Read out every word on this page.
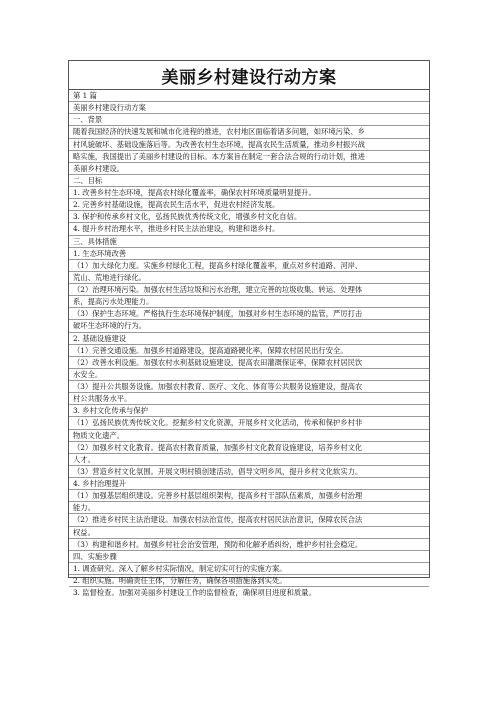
美丽乡村建设行动方案
第 1 篇
美丽乡村建设行动方案
一、背景
随着我国经济的快速发展和城市化进程的推进，农村地区面临着诸多问题，如环境污染、乡
村风貌破坏、基础设施落后等。为改善农村生态环境，提高农民生活质量，推动乡村振兴战
略实施，我国提出了美丽乡村建设的目标。本方案旨在制定一套合法合规的行动计划，推进
美丽乡村建设。
二、目标
1. 改善乡村生态环境，提高农村绿化覆盖率，确保农村环境质量明显提升。
2. 完善乡村基础设施，提高农民生活水平，促进农村经济发展。
3. 保护和传承乡村文化，弘扬民族优秀传统文化，增强乡村文化自信。
4. 提升乡村治理水平，推进乡村民主法治建设，构建和谐乡村。
三、具体措施
1. 生态环境改善
（1）加大绿化力度。实施乡村绿化工程，提高乡村绿化覆盖率，重点对乡村道路、河岸、
荒山、荒地进行绿化。
（2）治理环境污染。加强农村生活垃圾和污水治理，建立完善的垃圾收集、转运、处理体
系，提高污水处理能力。
（3）保护生态环境。严格执行生态环境保护制度，加强对乡村生态环境的监管，严厉打击
破坏生态环境的行为。
2. 基础设施建设
（1）完善交通设施。加强乡村道路建设，提高道路硬化率，保障农村居民出行安全。
（2）改善水利设施。加强农村水利基础设施建设，提高农田灌溉保证率，保障农村居民饮
水安全。
（3）提升公共服务设施。加强农村教育、医疗、文化、体育等公共服务设施建设，提高农
村公共服务水平。
3. 乡村文化传承与保护
（1）弘扬民族优秀传统文化。挖掘乡村文化资源，开展乡村文化活动，传承和保护乡村非
物质文化遗产。
（2）加强乡村文化教育。提高农村教育质量，加强乡村文化教育设施建设，培养乡村文化
人才。
（3）营造乡村文化氛围。开展文明村镇创建活动，倡导文明乡风，提升乡村文化软实力。
4. 乡村治理提升
（1）加强基层组织建设。完善乡村基层组织架构，提高乡村干部队伍素质，加强乡村治理
能力。
（2）推进乡村民主法治建设。加强农村法治宣传，提高农村居民法治意识，保障农民合法
权益。
（3）构建和谐乡村。加强乡村社会治安管理，预防和化解矛盾纠纷，维护乡村社会稳定。
四、实施步骤
1. 调查研究。深入了解乡村实际情况，制定切实可行的实施方案。
2. 组织实施。明确责任主体，分解任务，确保各项措施落到实处。
3. 监督检查。加强对美丽乡村建设工作的监督检查，确保项目进度和质量。
